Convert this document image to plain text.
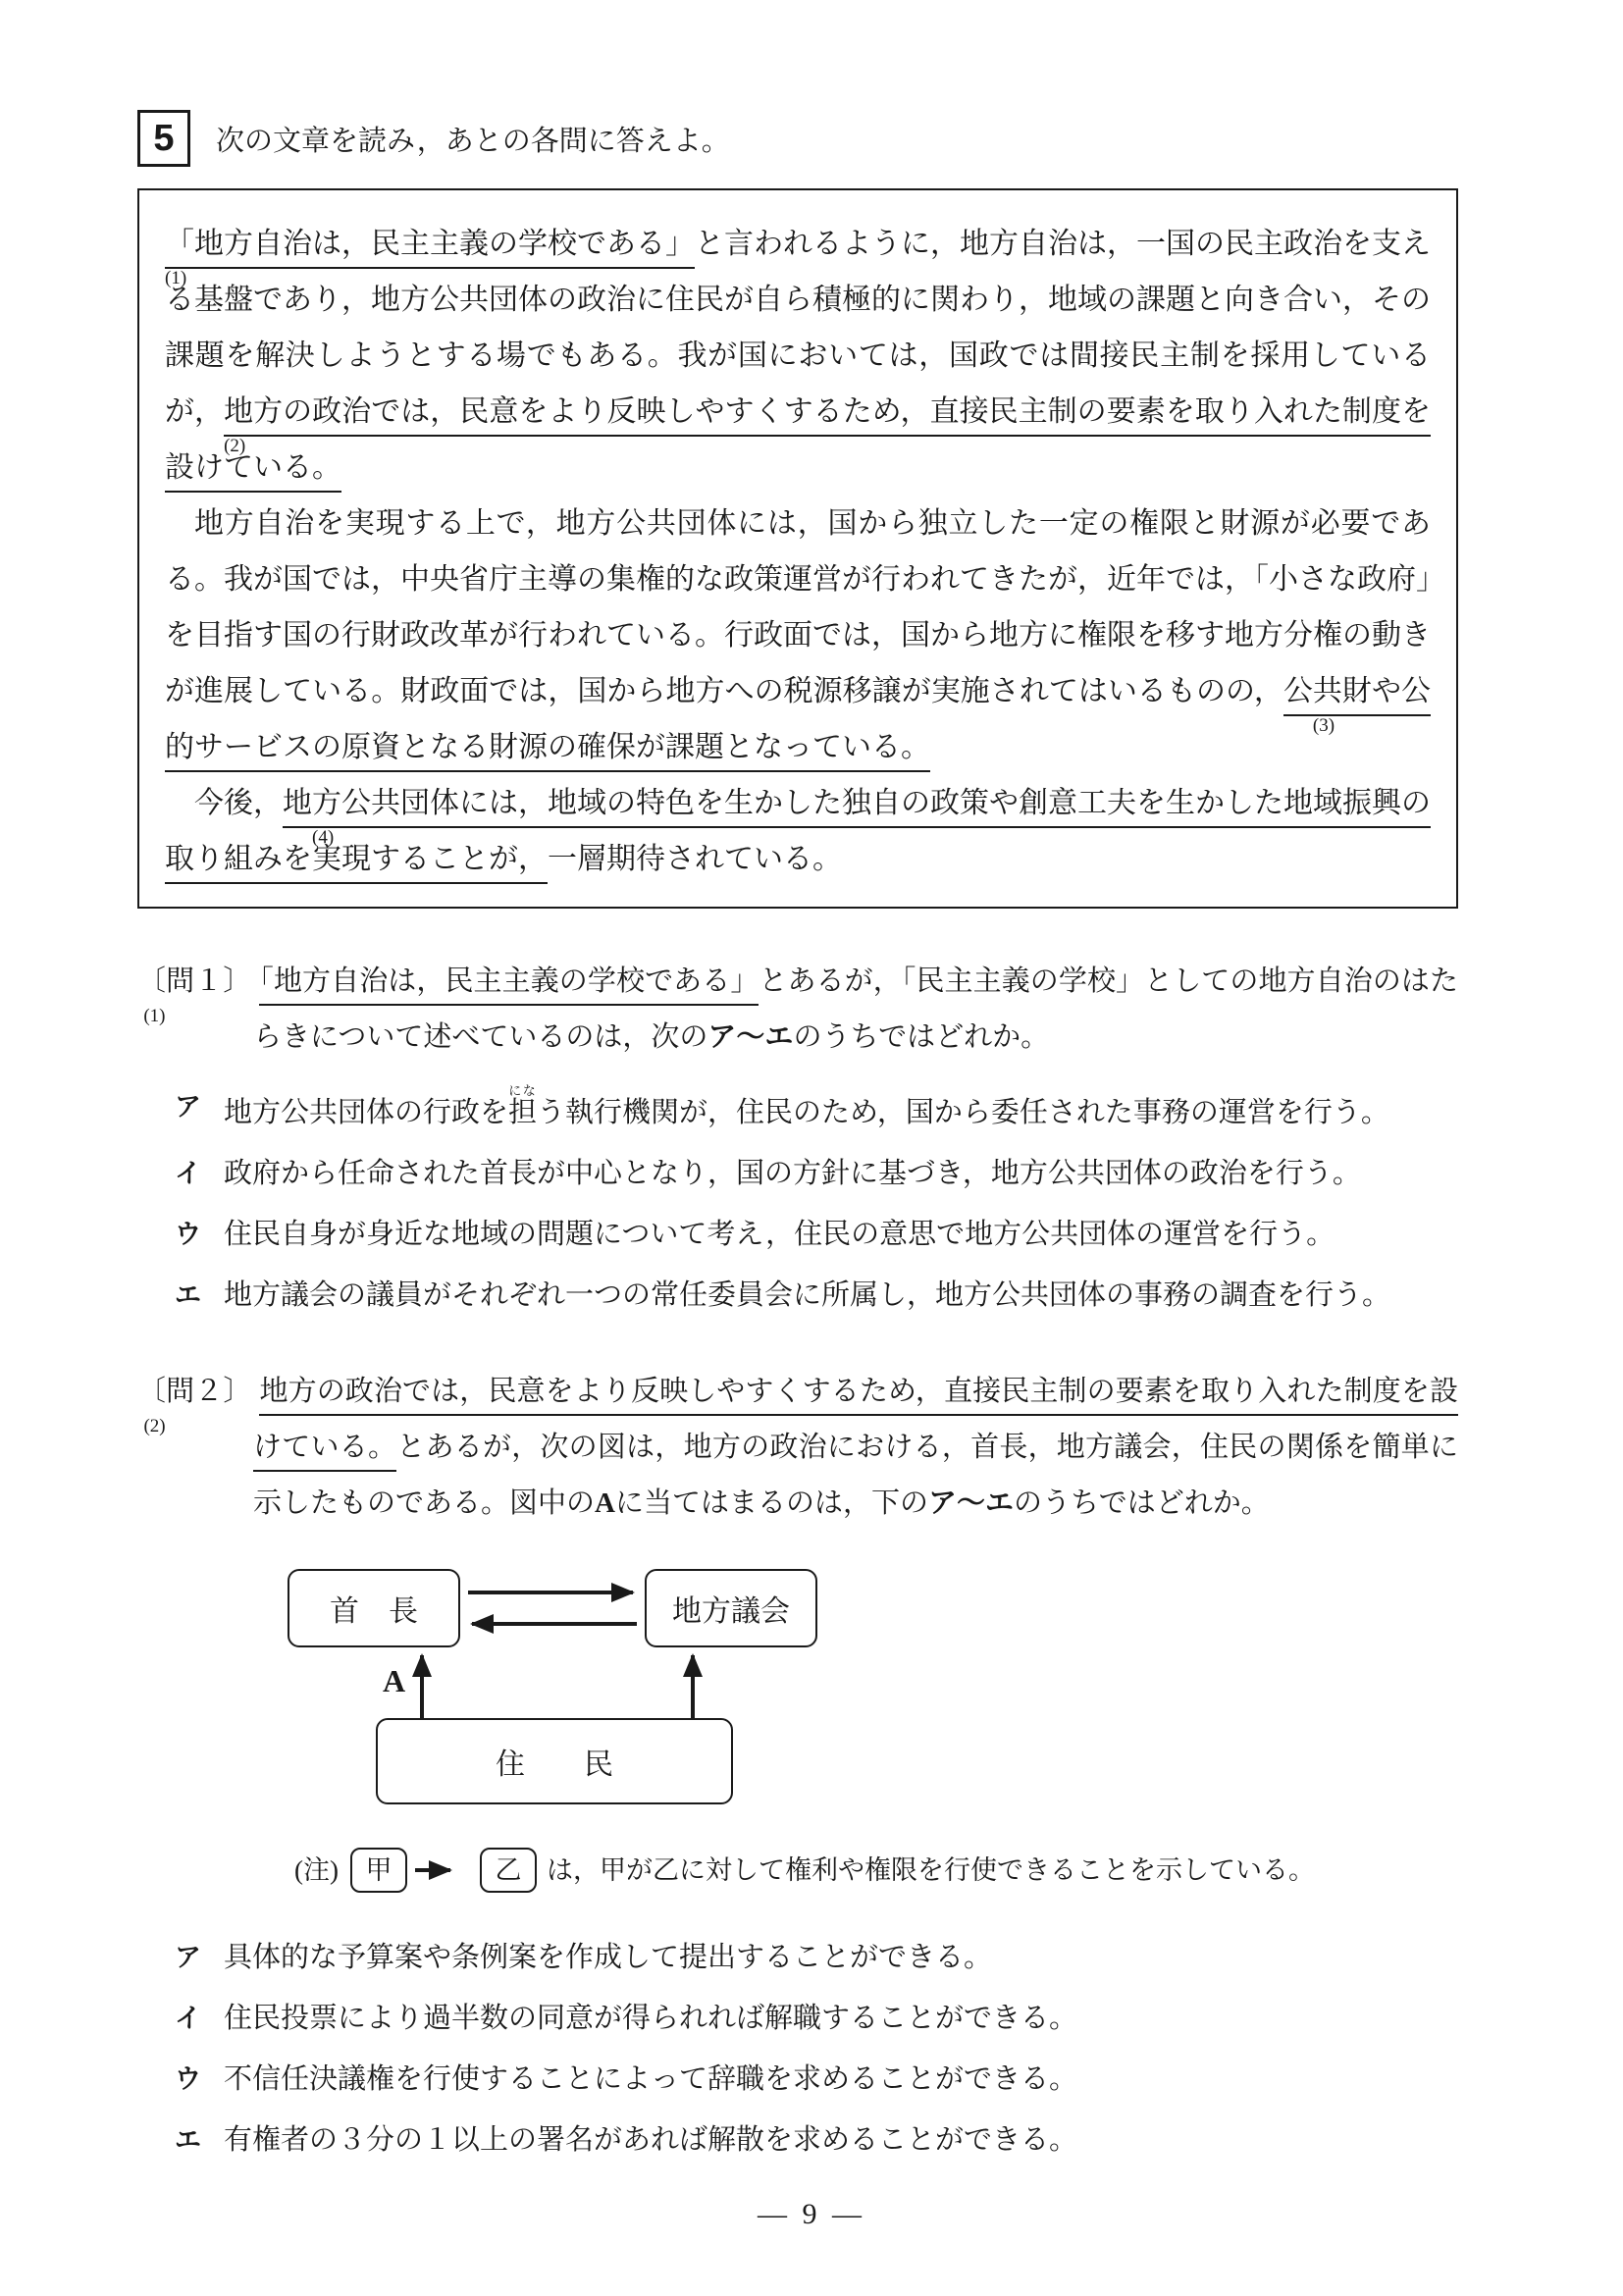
5	次の文章を読み，あとの各問に答えよ。

(1)
「地方自治は，民主主義の学校である」と言われるように，地方自治は，一国の民主政治を支える基盤であり，地方公共団体の政治に住民が自ら積極的に関わり，地域の課題と向き合い，その課題を解決しようとする場でもある。我が国においては，国政では間接民主制を採用しているが，
(2)
地方の政治では，民意をより反映しやすくするため，直接民主制の要素を取り入れた制度を設けている。

地方自治を実現する上で，地方公共団体には，国から独立した一定の権限と財源が必要である。我が国では，中央省庁主導の集権的な政策運営が行われてきたが，近年では，「小さな政府」を目指す国の行財政改革が行われている。行政面では，国から地方に権限を移す地方分権の動きが進展している。財政面では，国から地方への税源移譲が実施されてはいるものの，
(3)
公共財や公的サービスの原資となる財源の確保が課題となっている。

今後，
(4)
地方公共団体には，地域の特色を生かした独自の政策や創意工夫を生かした地域振興の取り組みを実現することが，一層期待されている。

〔問１〕
(1)
「地方自治は，民主主義の学校である」とあるが，「民主主義の学校」としての地方自治のはたらきについて述べているのは，次のア～エのうちではどれか。

ア 地方公共団体の行政を担になう執行機関が，住民のため，国から委任された事務の運営を行う。
イ 政府から任命された首長が中心となり，国の方針に基づき，地方公共団体の政治を行う。
ウ 住民自身が身近な地域の問題について考え，住民の意思で地方公共団体の運営を行う。
エ 地方議会の議員がそれぞれ一つの常任委員会に所属し，地方公共団体の事務の調査を行う。

〔問２〕
(2)
地方の政治では，民意をより反映しやすくするため，直接民主制の要素を取り入れた制度を設けている。とあるが，次の図は，地方の政治における，首長，地方議会，住民の関係を簡単に示したものである。図中のAに当てはまるのは，下のア～エのうちではどれか。

首　長	地方議会
住　　民
A
(注)	甲	乙 は，甲が乙に対して権利や権限を行使できることを示している。
ア 具体的な予算案や条例案を作成して提出することができる。
イ 住民投票により過半数の同意が得られれば解職することができる。
ウ 不信任決議権を行使することによって辞職を求めることができる。
エ 有権者の３分の１以上の署名があれば解散を求めることができる。
— 9 —
